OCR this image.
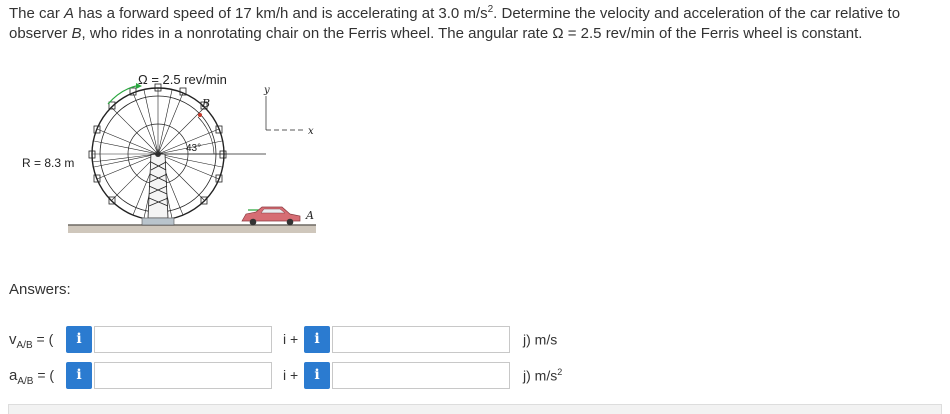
The car A has a forward speed of 17 km/h and is accelerating at 3.0 $m/s^2$. Determine the velocity and acceleration of the car relative to observer B, who rides in a nonrotating chair on the Ferris wheel. The angular rate Ω = 2.5 rev/min of the Ferris wheel is constant.
B
43°
R = 8.3 m
Ω = 2.5 rev/min
y
x
A
Answers:
$v_{A/B}$ = (	i	i +	i	j) m/s
$a_{A/B}$ = (	i	i +	i	j) $m/s^2$
